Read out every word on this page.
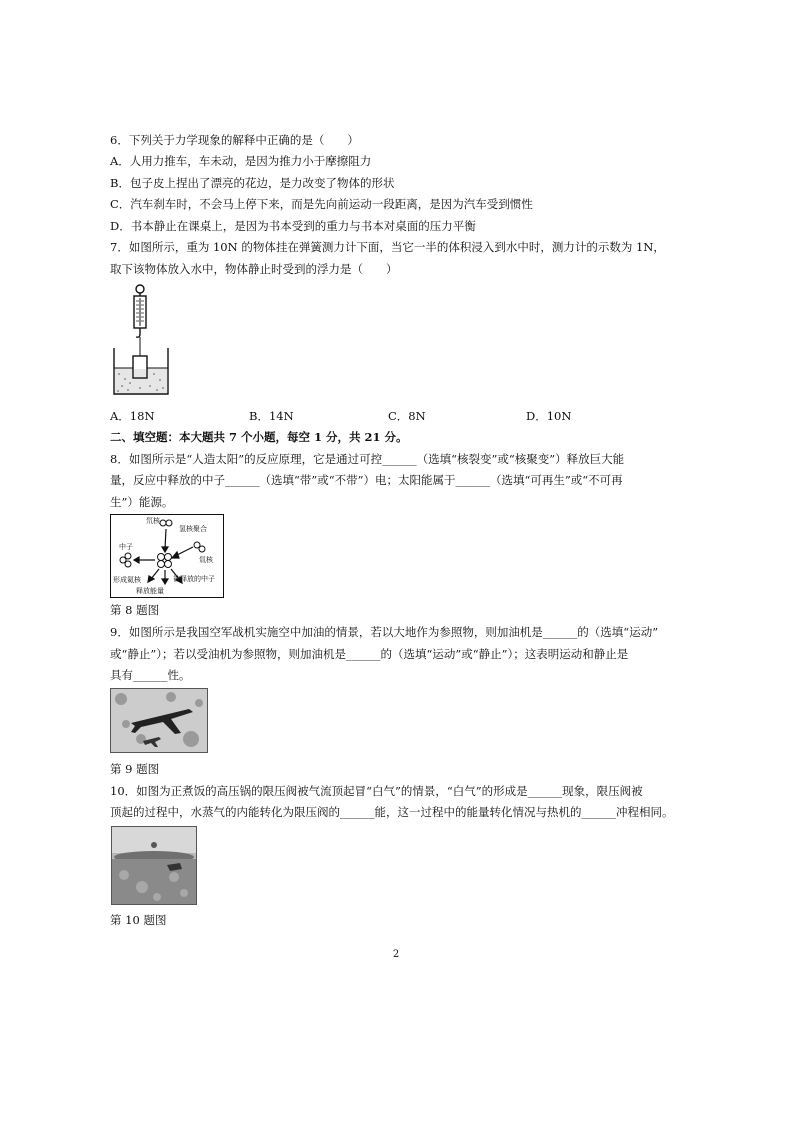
6．下列关于力学现象的解释中正确的是（　　）
A．人用力推车，车未动，是因为推力小于摩擦阻力
B．包子皮上捏出了漂亮的花边，是力改变了物体的形状
C．汽车刹车时，不会马上停下来，而是先向前运动一段距离，是因为汽车受到惯性
D．书本静止在课桌上，是因为书本受到的重力与书本对桌面的压力平衡
7．如图所示，重为 10N 的物体挂在弹簧测力计下面，当它一半的体积浸入到水中时，测力计的示数为 1N，
取下该物体放入水中，物体静止时受到的浮力是（　　）
A．18N	B．14N	C．8N	D．10N
二、填空题：本大题共 7 个小题，每空 1 分，共 21 分。
8．如图所示是“人造太阳”的反应原理，它是通过可控______（选填“核裂变”或“核聚变”）释放巨大能
量，反应中释放的中子______（选填“带”或“不带”）电；太阳能属于______（选填“可再生”或“不可再
生”）能源。
氘核
氢核聚合
中子
氚核
形成氦核	被释放的中子
释放能量
第 8 题图
9．如图所示是我国空军战机实施空中加油的情景，若以大地作为参照物，则加油机是______的（选填“运动”
或“静止”）；若以受油机为参照物，则加油机是______的（选填“运动”或“静止”）；这表明运动和静止是
具有______性。
第 9 题图
10．如图为正煮饭的高压锅的限压阀被气流顶起冒“白气”的情景，“白气”的形成是______现象，限压阀被
顶起的过程中，水蒸气的内能转化为限压阀的______能，这一过程中的能量转化情况与热机的______冲程相同。
第 10 题图
2
